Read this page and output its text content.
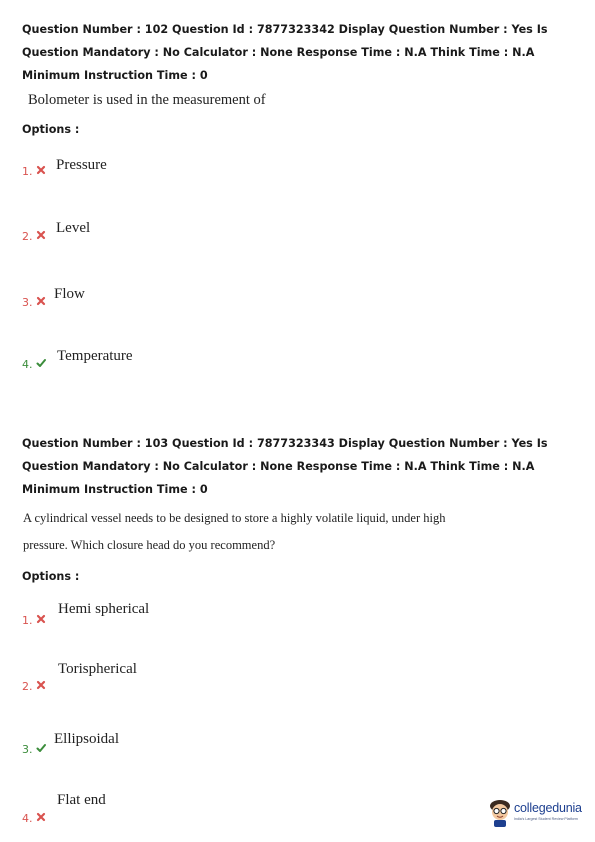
Question Number : 102 Question Id : 7877323342 Display Question Number : Yes Is Question Mandatory : No Calculator : None Response Time : N.A Think Time : N.A Minimum Instruction Time : 0
Bolometer is used in the measurement of
Options :
1. Pressure
2.
Level
3.
Flow
4.
Temperature
Question Number : 103 Question Id : 7877323343 Display Question Number : Yes Is Question Mandatory : No Calculator : None Response Time : N.A Think Time : N.A Minimum Instruction Time : 0
A cylindrical vessel needs to be designed to store a highly volatile liquid, under high
pressure. Which closure head do you recommend?
Options :
1.
Hemi spherical
2.
Torispherical
3.
Ellipsoidal
4.
Flat end	collegedunia
India's Largest Student Review Platform
